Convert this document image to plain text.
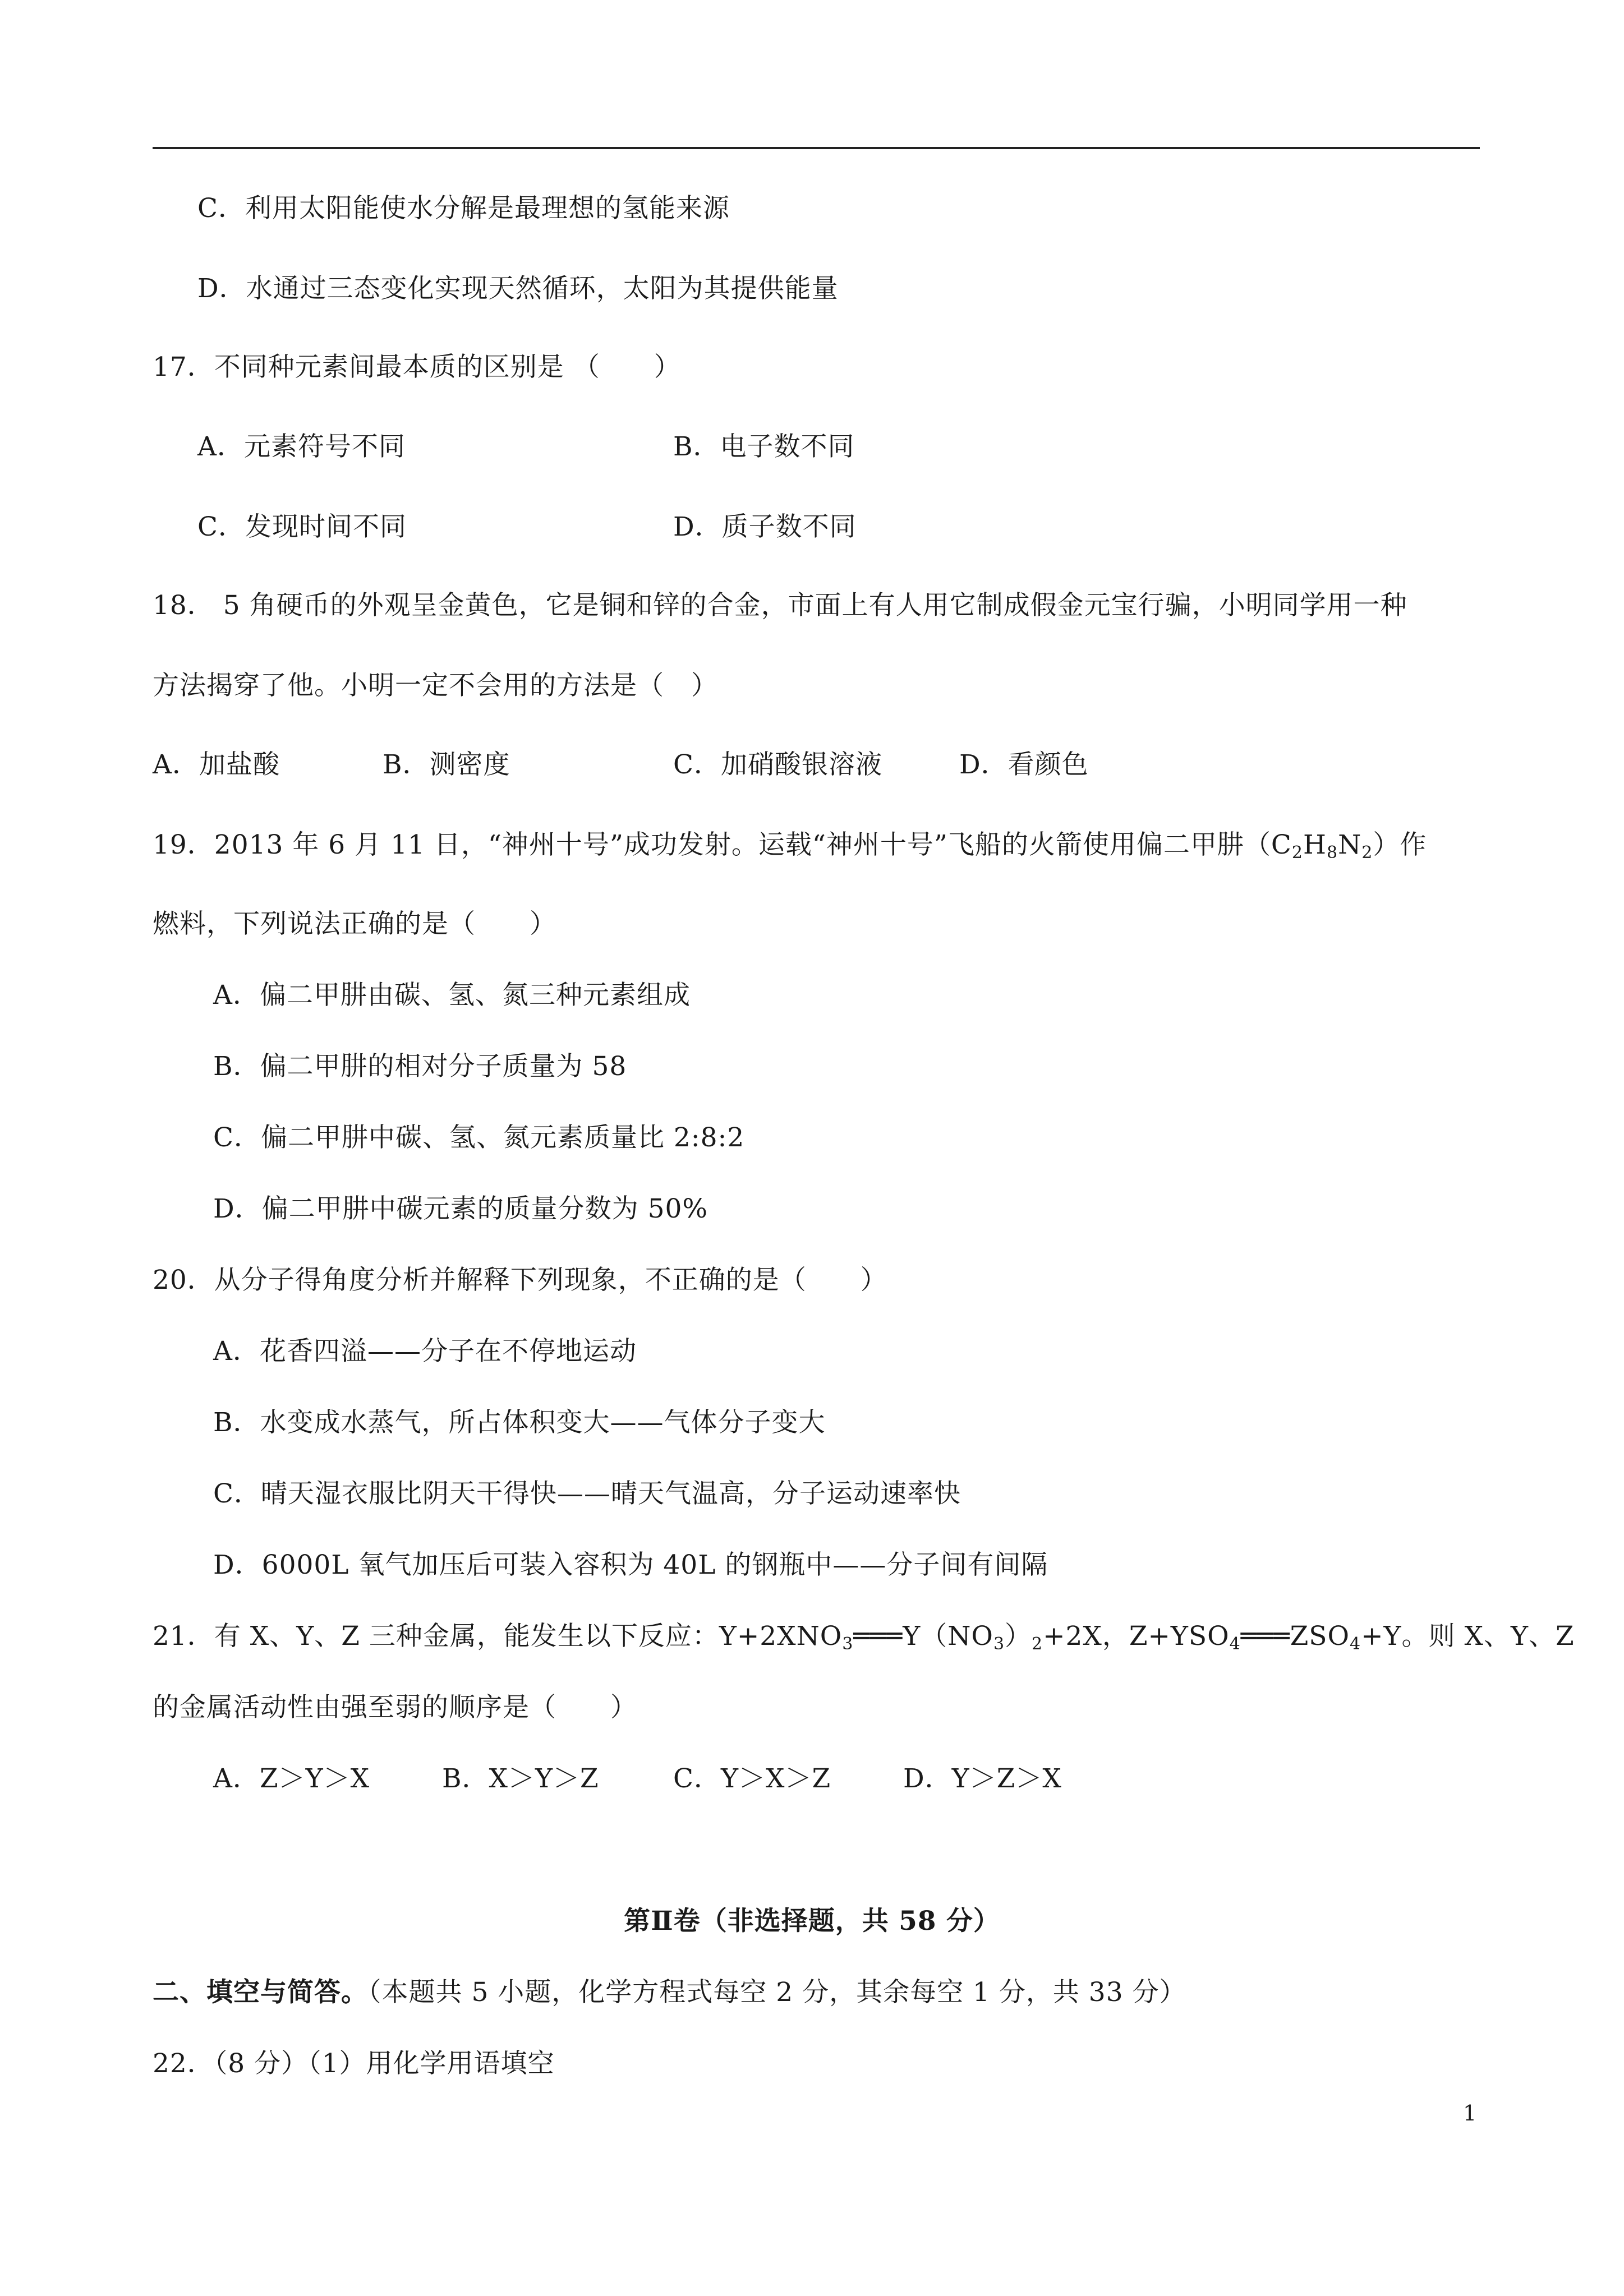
C．利用太阳能使水分解是最理想的氢能来源
D．水通过三态变化实现天然循环，太阳为其提供能量
17．不同种元素间最本质的区别是 （　　）
A．元素符号不同	B．电子数不同
C．发现时间不同	D．质子数不同
18． 5 角硬币的外观呈金黄色，它是铜和锌的合金，市面上有人用它制成假金元宝行骗，小明同学用一种
方法揭穿了他。小明一定不会用的方法是（　）
A．加盐酸	B．测密度	C．加硝酸银溶液	D．看颜色
19．2013 年 6 月 11 日，“神州十号”成功发射。运载“神州十号”飞船的火箭使用偏二甲肼$(C_2H_8N_2)$作
燃料，下列说法正确的是（　　）
A．偏二甲肼由碳、氢、氮三种元素组成
B．偏二甲肼的相对分子质量为 58
C．偏二甲肼中碳、氢、氮元素质量比 2:8:2
D．偏二甲肼中碳元素的质量分数为 50%
20．从分子得角度分析并解释下列现象，不正确的是（　　）
A．花香四溢——分子在不停地运动
B．水变成水蒸气，所占体积变大——气体分子变大
C．晴天湿衣服比阴天干得快——晴天气温高，分子运动速率快
D．6000L 氧气加压后可装入容积为 40L 的钢瓶中——分子间有间隔
21．有 X、Y、Z 三种金属，能发生以下反应：$Y+2XNO_3═══Y(NO_3)_2+2X$，$Z+YSO_4═══ZSO_4+Y$。则 X、Y、Z
的金属活动性由强至弱的顺序是（　　）
A．Z＞Y＞X	B．X＞Y＞Z	C．Y＞X＞Z	D．Y＞Z＞X
第Ⅱ卷（非选择题，共 58 分）
二、填空与简答。（本题共 5 小题，化学方程式每空 2 分，其余每空 1 分，共 33 分）
22．（8 分）（1）用化学用语填空
1
